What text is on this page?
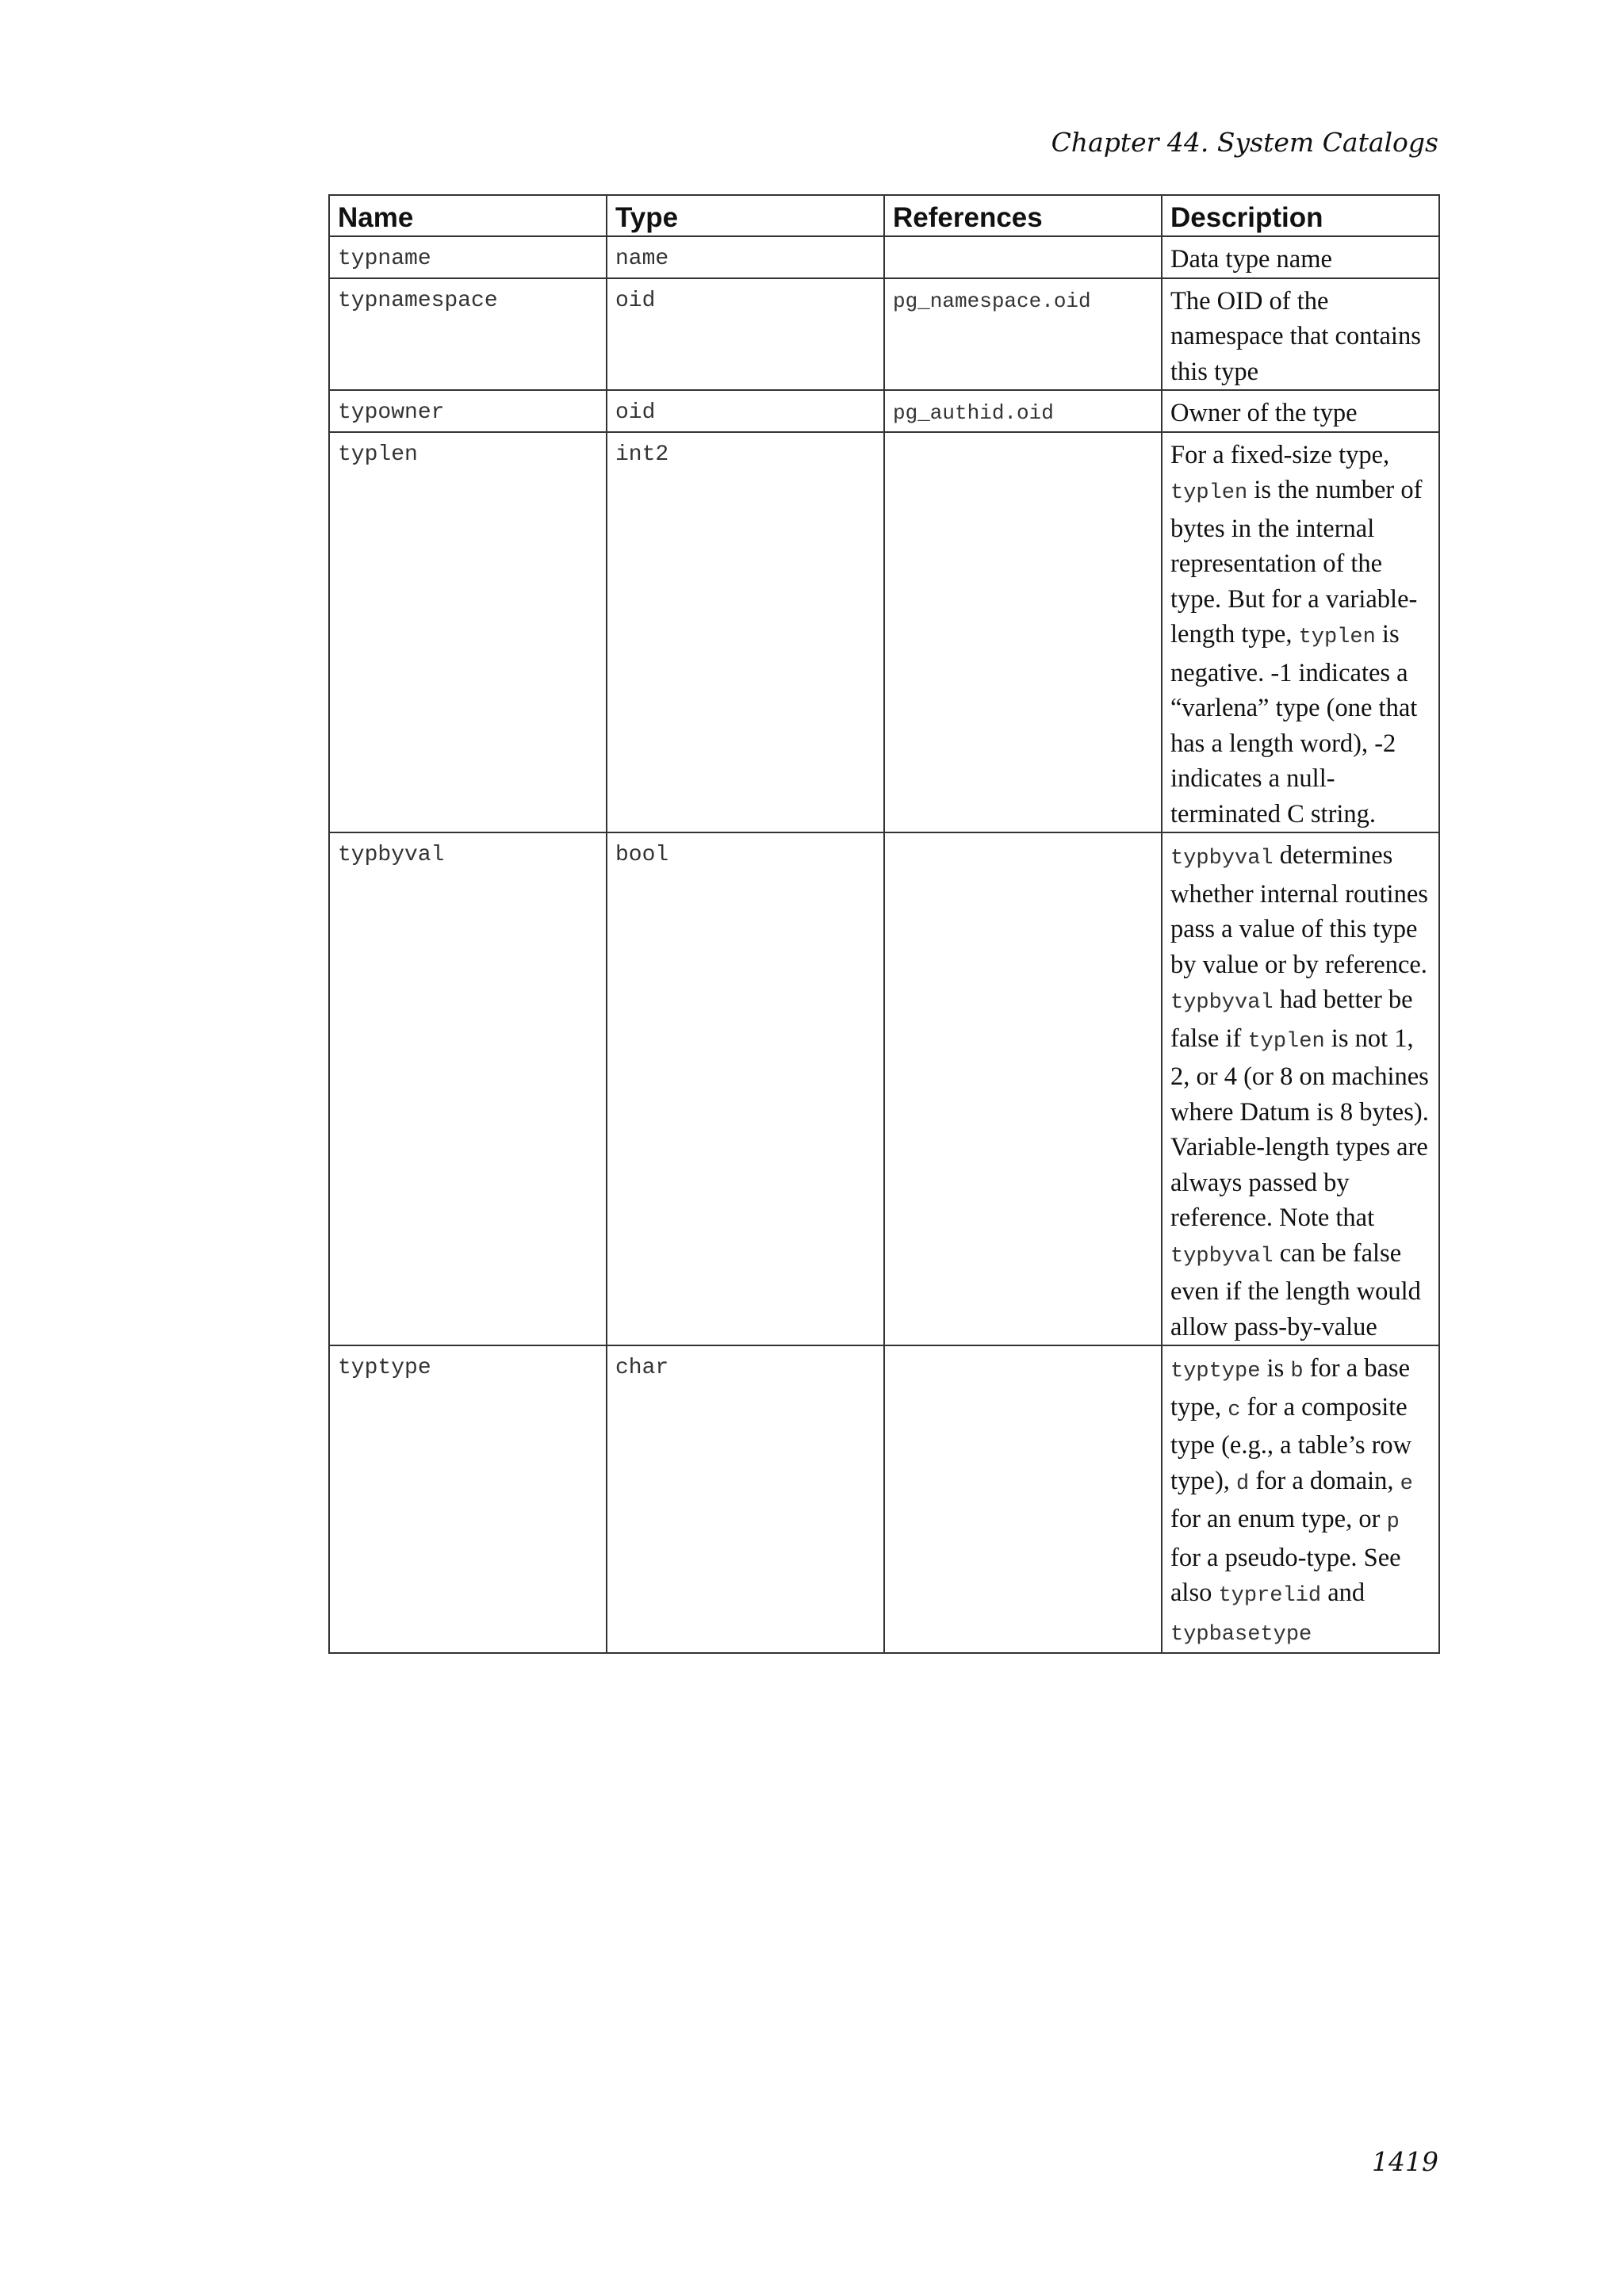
Chapter 44. System Catalogs
Name	Type	References	Description
typname	name		Data type name
typnamespace	oid	pg_namespace.oid	The OID of the namespace that contains this type
typowner	oid	pg_authid.oid	Owner of the type
typlen	int2		For a fixed-size type, typlen is the number of bytes in the internal representation of the type. But for a variable-length type, typlen is negative. -1 indicates a “varlena” type (one that has a length word), -2 indicates a null-terminated C string.
typbyval	bool		typbyval determines whether internal routines pass a value of this type by value or by reference. typbyval had better be false if typlen is not 1, 2, or 4 (or 8 on machines where Datum is 8 bytes). Variable-length types are always passed by reference. Note that typbyval can be false even if the length would allow pass-by-value
typtype	char		typtype is b for a base type, c for a composite type (e.g., a table’s row type), d for a domain, e for an enum type, or p for a pseudo-type. See also typrelid and typbasetype
1419
